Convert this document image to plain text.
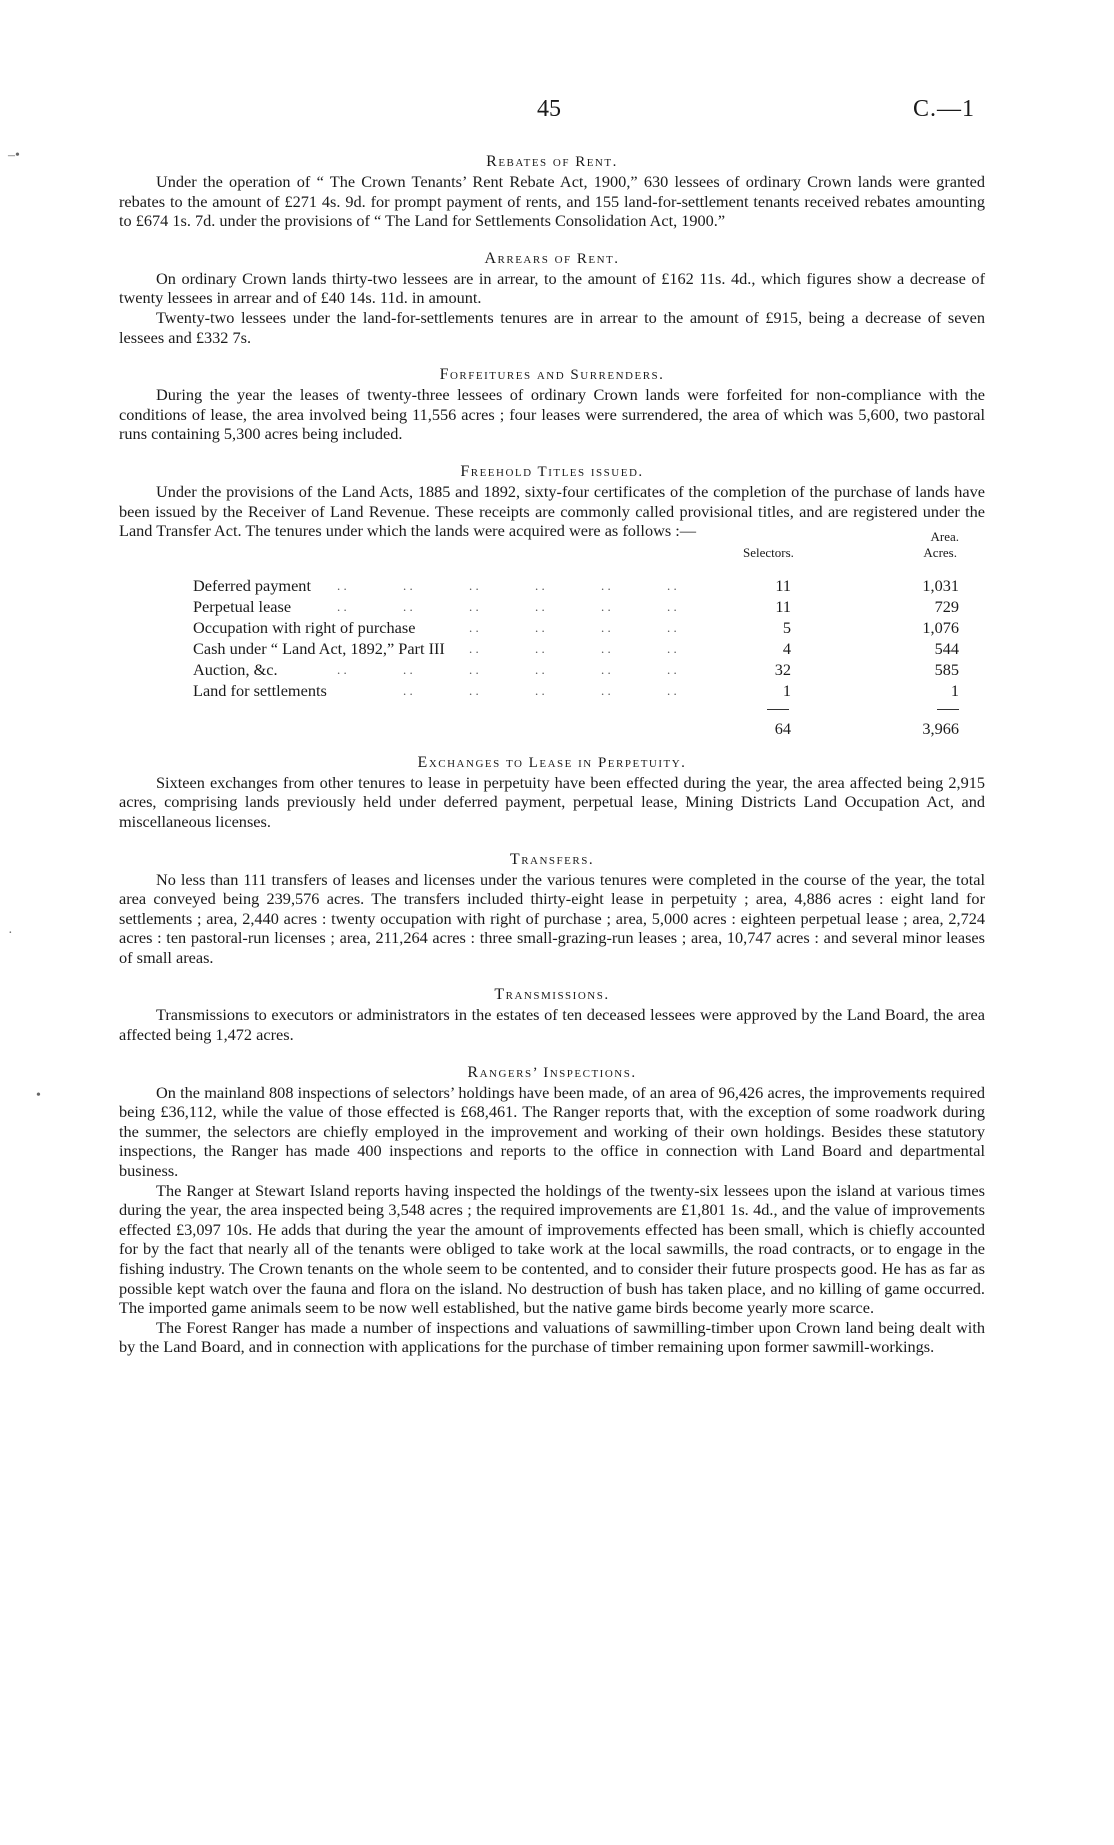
45	C.—1
–•
·
•
Rebates of Rent.

Under the operation of “ The Crown Tenants’ Rent Rebate Act, 1900,” 630 lessees of ordinary Crown lands were granted rebates to the amount of £271 4s. 9d. for prompt payment of rents, and 155 land-for-settlement tenants received rebates amounting to £674 1s. 7d. under the provisions of “ The Land for Settlements Consolidation Act, 1900.”

Arrears of Rent.

On ordinary Crown lands thirty-two lessees are in arrear, to the amount of £162 11s. 4d., which figures show a decrease of twenty lessees in arrear and of £40 14s. 11d. in amount.

Twenty-two lessees under the land-for-settlements tenures are in arrear to the amount of £915, being a decrease of seven lessees and £332 7s.

Forfeitures and Surrenders.

During the year the leases of twenty-three lessees of ordinary Crown lands were forfeited for non-compliance with the conditions of lease, the area involved being 11,556 acres ; four leases were surrendered, the area of which was 5,600, two pastoral runs containing 5,300 acres being included.

Freehold Titles issued.

Under the provisions of the Land Acts, 1885 and 1892, sixty-four certificates of the completion of the purchase of lands have been issued by the Receiver of Land Revenue. These receipts are commonly called provisional titles, and are registered under the Land Transfer Act. The tenures under which the lands were acquired were as follows :—

Selectors.
Area.
Acres.
Deferred payment	11	1,031
. .	. .	. .	. .	. .	. .
Perpetual lease	11	729
. .	. .	. .	. .	. .	. .
Occupation with right of purchase	5	1,076
. .	. .	. .	. .
Cash under “ Land Act, 1892,” Part III	4	544
. .	. .	. .	. .
Auction, &c.	32	585
. .	. .	. .	. .	. .	. .
Land for settlements	1	1
. .	. .	. .	. .	. .
64	3,966
Exchanges to Lease in Perpetuity.

Sixteen exchanges from other tenures to lease in perpetuity have been effected during the year, the area affected being 2,915 acres, comprising lands previously held under deferred payment, perpetual lease, Mining Districts Land Occupation Act, and miscellaneous licenses.

Transfers.

No less than 111 transfers of leases and licenses under the various tenures were completed in the course of the year, the total area conveyed being 239,576 acres. The transfers included thirty-eight lease in perpetuity ; area, 4,886 acres : eight land for settlements ; area, 2,440 acres : twenty occupation with right of purchase ; area, 5,000 acres : eighteen perpetual lease ; area, 2,724 acres : ten pastoral-run licenses ; area, 211,264 acres : three small-grazing-run leases ; area, 10,747 acres : and several minor leases of small areas.

Transmissions.

Transmissions to executors or administrators in the estates of ten deceased lessees were approved by the Land Board, the area affected being 1,472 acres.

Rangers’ Inspections.

On the mainland 808 inspections of selectors’ holdings have been made, of an area of 96,426 acres, the improvements required being £36,112, while the value of those effected is £68,461. The Ranger reports that, with the exception of some roadwork during the summer, the selectors are chiefly employed in the improvement and working of their own holdings. Besides these statutory inspections, the Ranger has made 400 inspections and reports to the office in connection with Land Board and departmental business.

The Ranger at Stewart Island reports having inspected the holdings of the twenty-six lessees upon the island at various times during the year, the area inspected being 3,548 acres ; the required improvements are £1,801 1s. 4d., and the value of improvements effected £3,097 10s. He adds that during the year the amount of improvements effected has been small, which is chiefly accounted for by the fact that nearly all of the tenants were obliged to take work at the local sawmills, the road contracts, or to engage in the fishing industry. The Crown tenants on the whole seem to be contented, and to consider their future prospects good. He has as far as possible kept watch over the fauna and flora on the island. No destruction of bush has taken place, and no killing of game occurred. The imported game animals seem to be now well established, but the native game birds become yearly more scarce.

The Forest Ranger has made a number of inspections and valuations of sawmilling-timber upon Crown land being dealt with by the Land Board, and in connection with applications for the purchase of timber remaining upon former sawmill-workings.
